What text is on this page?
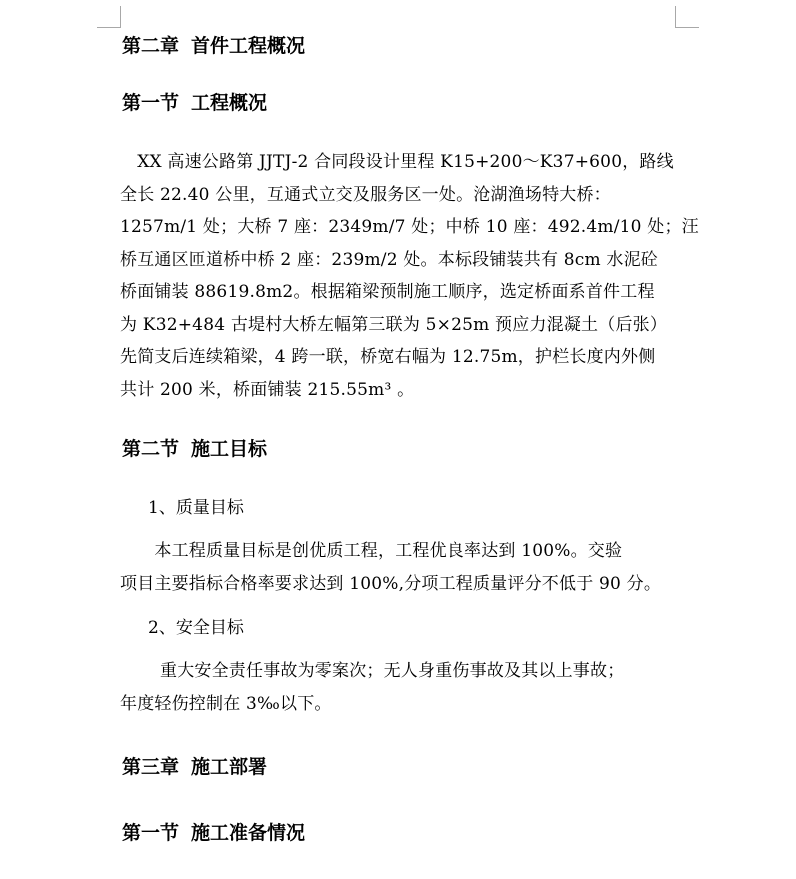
第二章 首件工程概况
第一节 工程概况
　XX 高速公路第 JJTJ-2 合同段设计里程 K15+200～K37+600，路线
全长 22.40 公里，互通式立交及服务区一处。沧湖渔场特大桥：
1257m/1 处；大桥 7 座：2349m/7 处；中桥 10 座：492.4m/10 处；汪
桥互通区匝道桥中桥 2 座：239m/2 处。本标段铺装共有 8cm 水泥砼
桥面铺装 88619.8m2。根据箱梁预制施工顺序，选定桥面系首件工程
为 K32+484 古堤村大桥左幅第三联为 5×25m 预应力混凝土（后张）
先简支后连续箱梁，4 跨一联，桥宽右幅为 12.75m，护栏长度内外侧
共计 200 米，桥面铺装 215.55m³ 。
第二节 施工目标
1、质量目标
　　本工程质量目标是创优质工程，工程优良率达到 100%。交验
项目主要指标合格率要求达到 100%,分项工程质量评分不低于 90 分。
2、安全目标
　　 重大安全责任事故为零案次；无人身重伤事故及其以上事故；
年度轻伤控制在 3‰以下。
第三章 施工部署
第一节 施工准备情况
